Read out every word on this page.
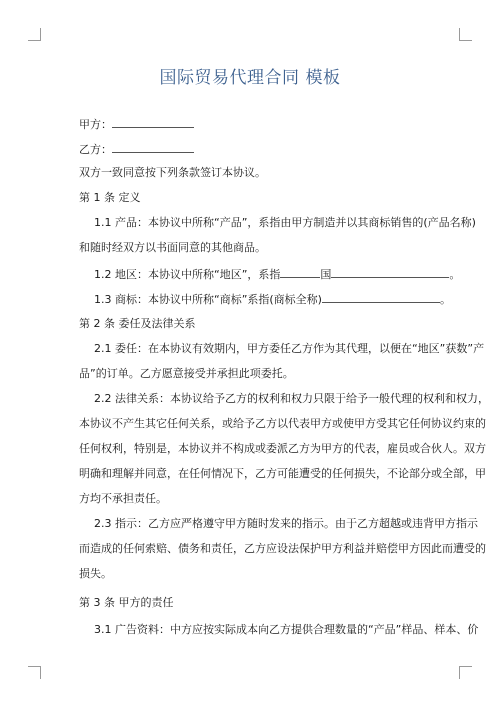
国际贸易代理合同 模板
甲方：
乙方：
双方一致同意按下列条款签订本协议。
第 1 条 定义
1.1 产品：本协议中所称“产品”，系指由甲方制造并以其商标销售的(产品名称)
和随时经双方以书面同意的其他商品。
1.2 地区：本协议中所称“地区”，系指	国	。
1.3 商标：本协议中所称“商标”系指(商标全称)	。
第 2 条 委任及法律关系
2.1 委任：在本协议有效期内，甲方委任乙方作为其代理，以便在“地区”获数”产
品”的订单。乙方愿意接受并承担此项委托。
2.2 法律关系：本协议给予乙方的权利和权力只限于给予一般代理的权利和权力，
本协议不产生其它任何关系，或给予乙方以代表甲方或使甲方受其它任何协议约束的
任何权利，特别是，本协议并不构成或委派乙方为甲方的代表，雇员或合伙人。双方
明确和理解并同意，在任何情况下，乙方可能遭受的任何损失，不论部分或全部，甲
方均不承担责任。
2.3 指示：乙方应严格遵守甲方随时发来的指示。由于乙方超越或违背甲方指示
而造成的任何索赔、债务和责任，乙方应设法保护甲方利益并赔偿甲方因此而遭受的
损失。
第 3 条 甲方的责任
3.1 广告资料：中方应按实际成本向乙方提供合理数量的“产品”样品、样本、价
